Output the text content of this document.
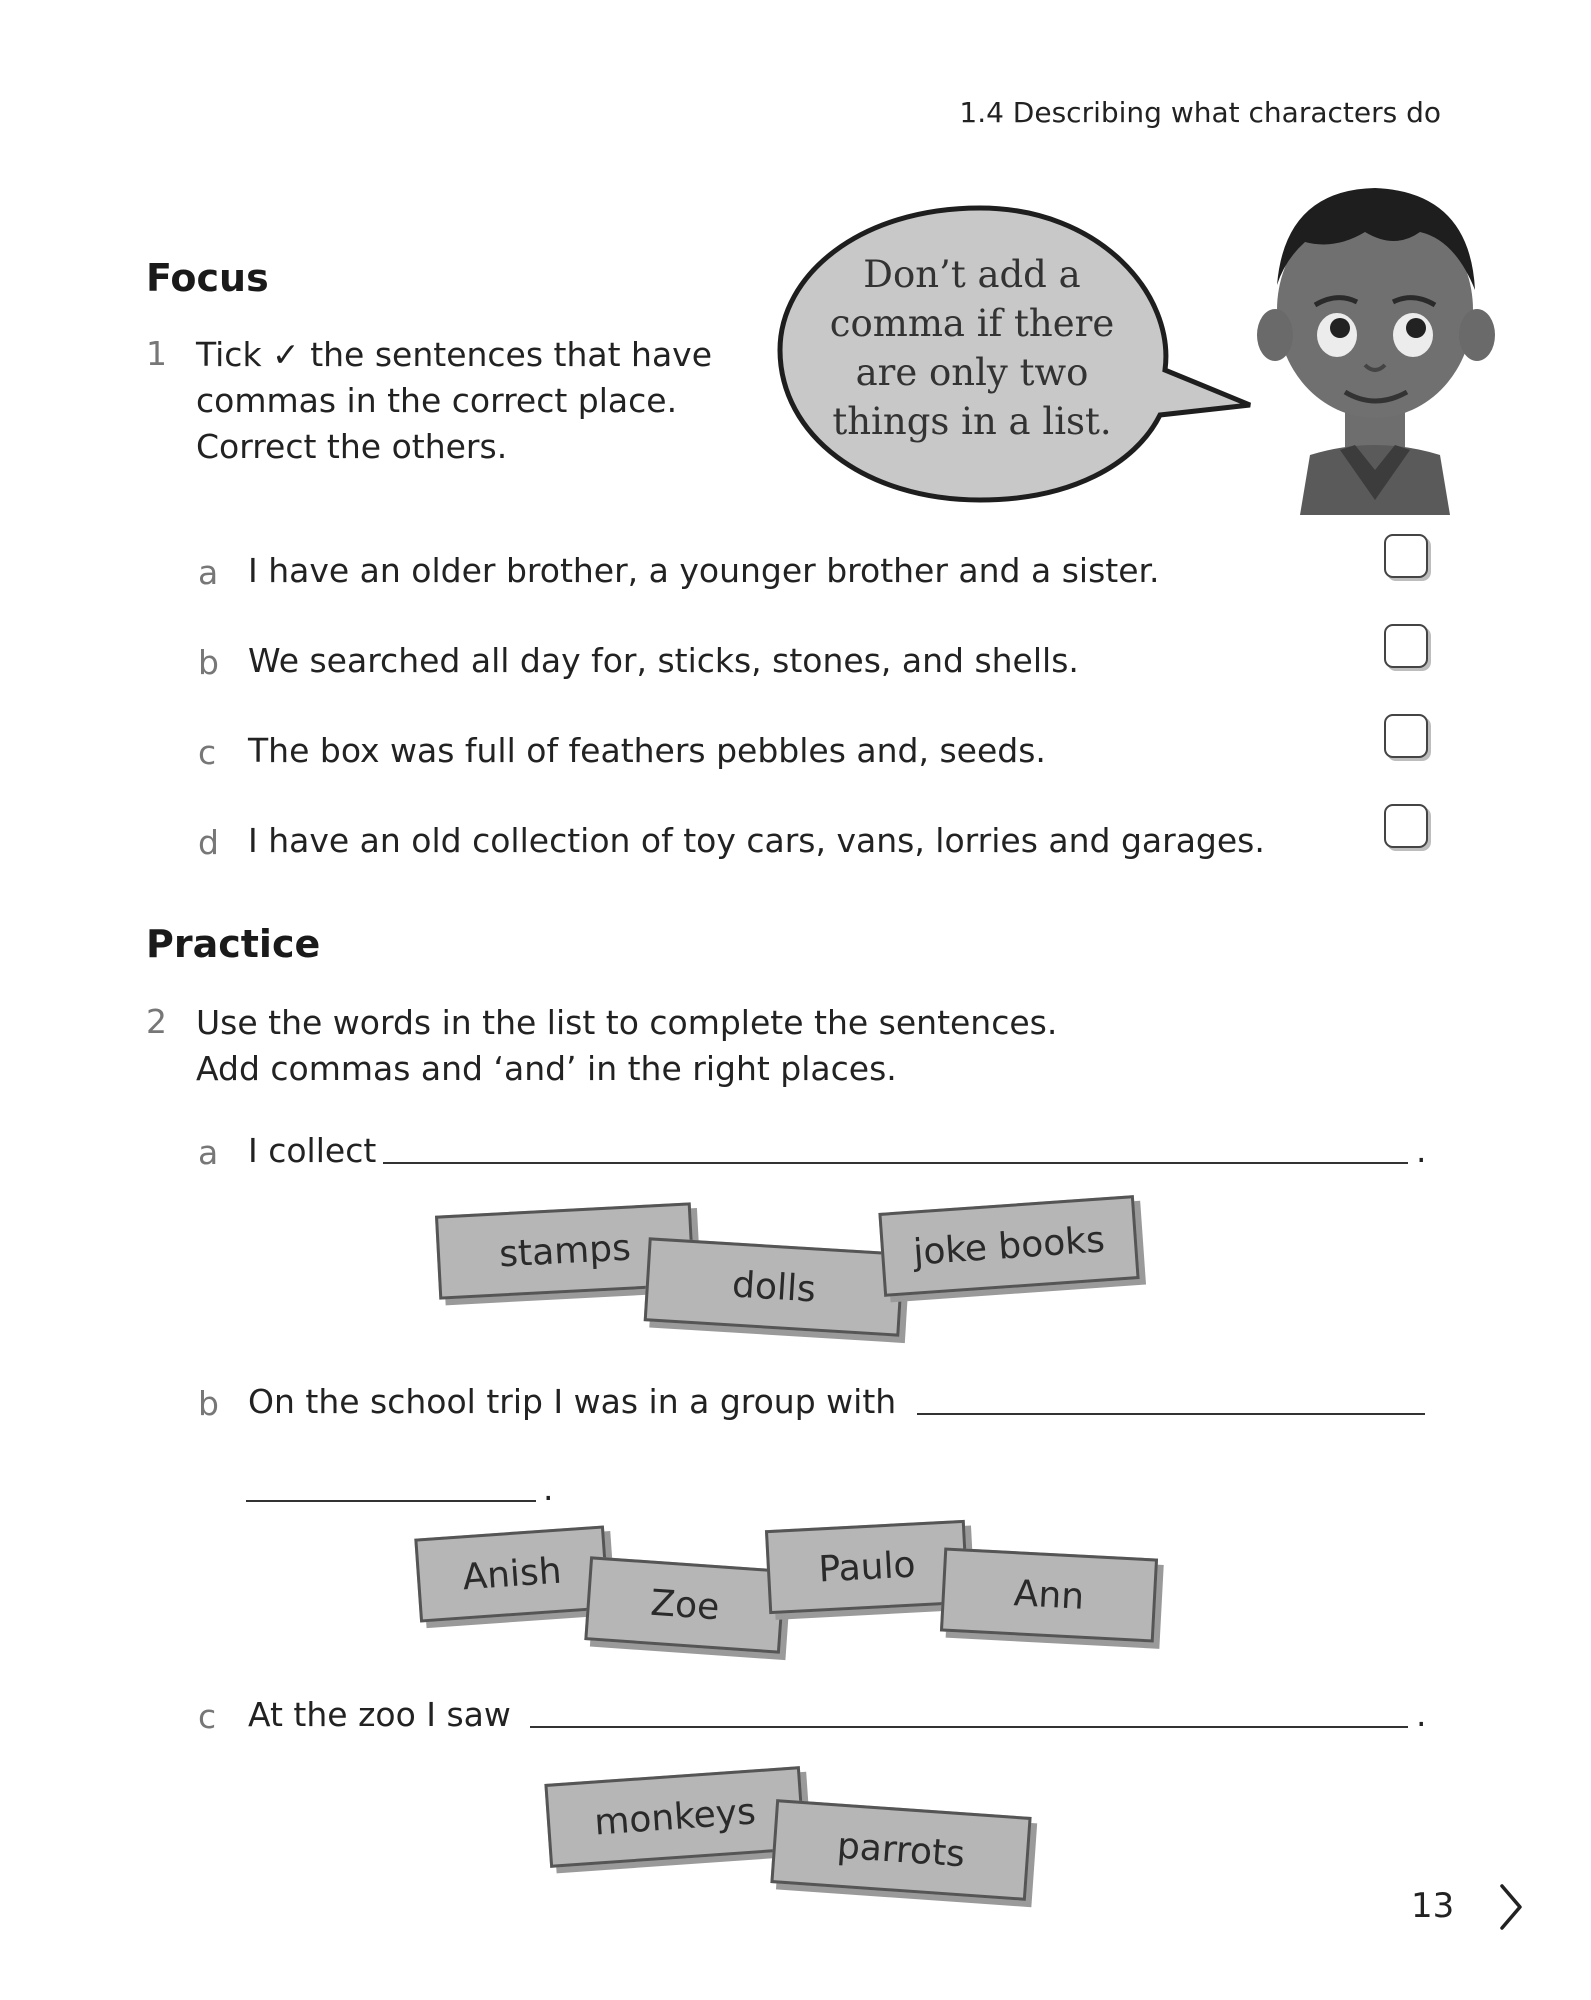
1.4 Describing what characters do
Focus
1 Tick ✓ the sentences that have
commas in the correct place.
Correct the others.
Don’t add a
comma if there
are only two
things in a list.
a I have an older brother, a younger brother and a sister.
b We searched all day for, sticks, stones, and shells.
c The box was full of feathers pebbles and, seeds.
d I have an old collection of toy cars, vans, lorries and garages.
Practice
2 Use the words in the list to complete the sentences.
Add commas and ‘and’ in the right places.
a I collect	.
stamps
dolls
joke books
b On the school trip I was in a group with
.
Anish
Zoe
Paulo
Ann
c At the zoo I saw	.
monkeys
parrots
13
